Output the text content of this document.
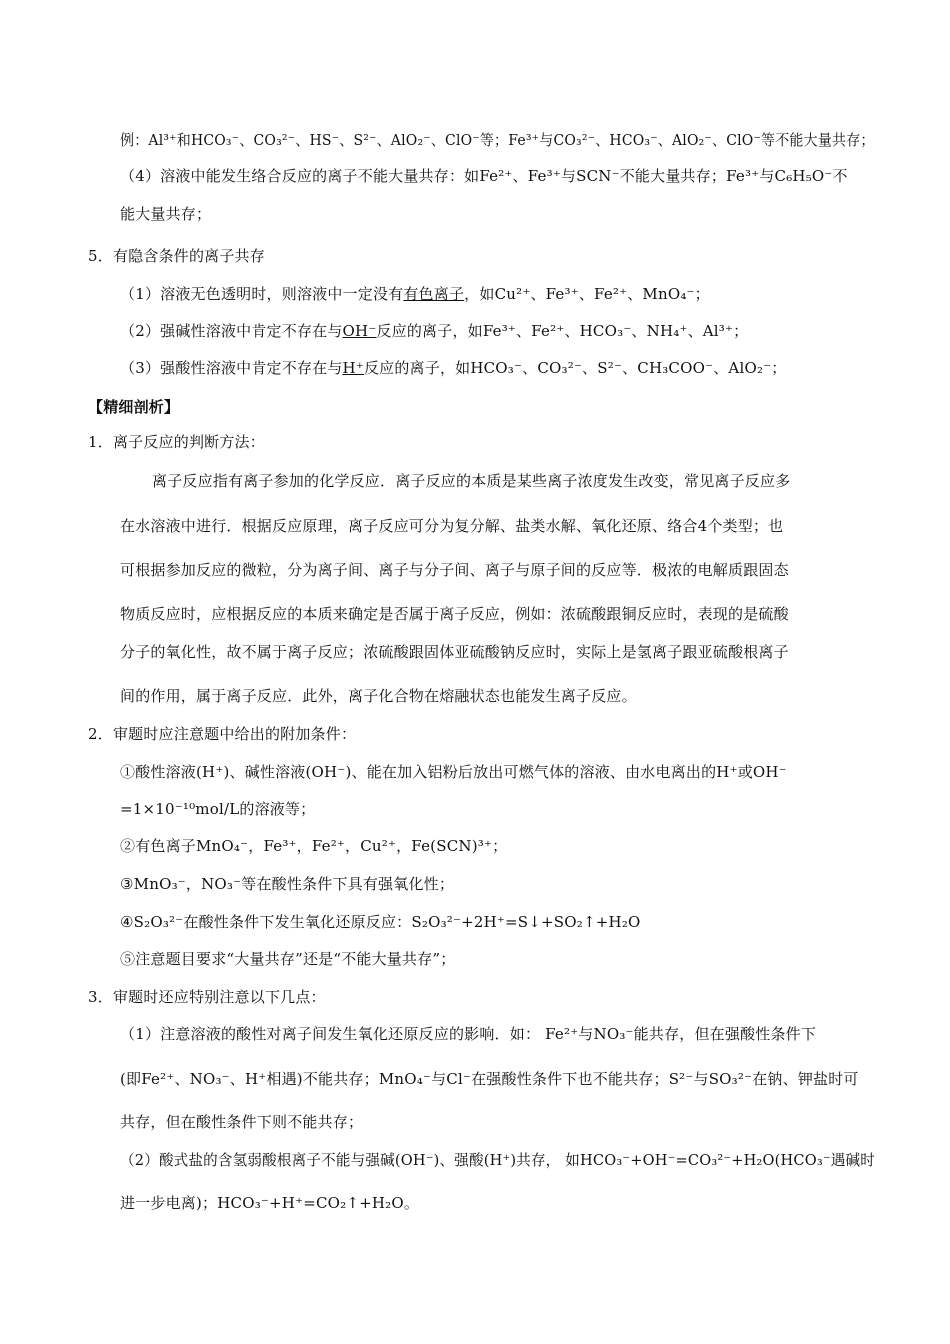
例：Al³⁺和HCO₃⁻、CO₃²⁻、HS⁻、S²⁻、AlO₂⁻、ClO⁻等；Fe³⁺与CO₃²⁻、HCO₃⁻、AlO₂⁻、ClO⁻等不能大量共存；
（4）溶液中能发生络合反应的离子不能大量共存：如Fe²⁺、Fe³⁺与SCN⁻不能大量共存；Fe³⁺与C₆H₅O⁻不
能大量共存；
5．有隐含条件的离子共存
（1）溶液无色透明时，则溶液中一定没有有色离子，如Cu²⁺、Fe³⁺、Fe²⁺、MnO₄⁻；
（2）强碱性溶液中肯定不存在与OH⁻反应的离子，如Fe³⁺、Fe²⁺、HCO₃⁻、NH₄⁺、Al³⁺；
（3）强酸性溶液中肯定不存在与H⁺反应的离子，如HCO₃⁻、CO₃²⁻、S²⁻、CH₃COO⁻、AlO₂⁻；
【精细剖析】
1．离子反应的判断方法：
离子反应指有离子参加的化学反应．离子反应的本质是某些离子浓度发生改变，常见离子反应多
在水溶液中进行．根据反应原理，离子反应可分为复分解、盐类水解、氧化还原、络合4个类型；也
可根据参加反应的微粒，分为离子间、离子与分子间、离子与原子间的反应等．极浓的电解质跟固态
物质反应时，应根据反应的本质来确定是否属于离子反应，例如：浓硫酸跟铜反应时，表现的是硫酸
分子的氧化性，故不属于离子反应；浓硫酸跟固体亚硫酸钠反应时，实际上是氢离子跟亚硫酸根离子
间的作用，属于离子反应．此外，离子化合物在熔融状态也能发生离子反应。
2．审题时应注意题中给出的附加条件：
①酸性溶液(H⁺)、碱性溶液(OH⁻)、能在加入铝粉后放出可燃气体的溶液、由水电离出的H⁺或OH⁻
=1×10⁻¹⁰mol/L的溶液等；
②有色离子MnO₄⁻，Fe³⁺，Fe²⁺，Cu²⁺，Fe(SCN)³⁺；
③MnO₃⁻，NO₃⁻等在酸性条件下具有强氧化性；
④S₂O₃²⁻在酸性条件下发生氧化还原反应：S₂O₃²⁻+2H⁺=S↓+SO₂↑+H₂O
⑤注意题目要求“大量共存”还是“不能大量共存”；
3．审题时还应特别注意以下几点：
（1）注意溶液的酸性对离子间发生氧化还原反应的影响．如： Fe²⁺与NO₃⁻能共存，但在强酸性条件下
(即Fe²⁺、NO₃⁻、H⁺相遇)不能共存；MnO₄⁻与Cl⁻在强酸性条件下也不能共存；S²⁻与SO₃²⁻在钠、钾盐时可
共存，但在酸性条件下则不能共存；
（2）酸式盐的含氢弱酸根离子不能与强碱(OH⁻)、强酸(H⁺)共存， 如HCO₃⁻+OH⁻=CO₃²⁻+H₂O(HCO₃⁻遇碱时
进一步电离)；HCO₃⁻+H⁺=CO₂↑+H₂O。
